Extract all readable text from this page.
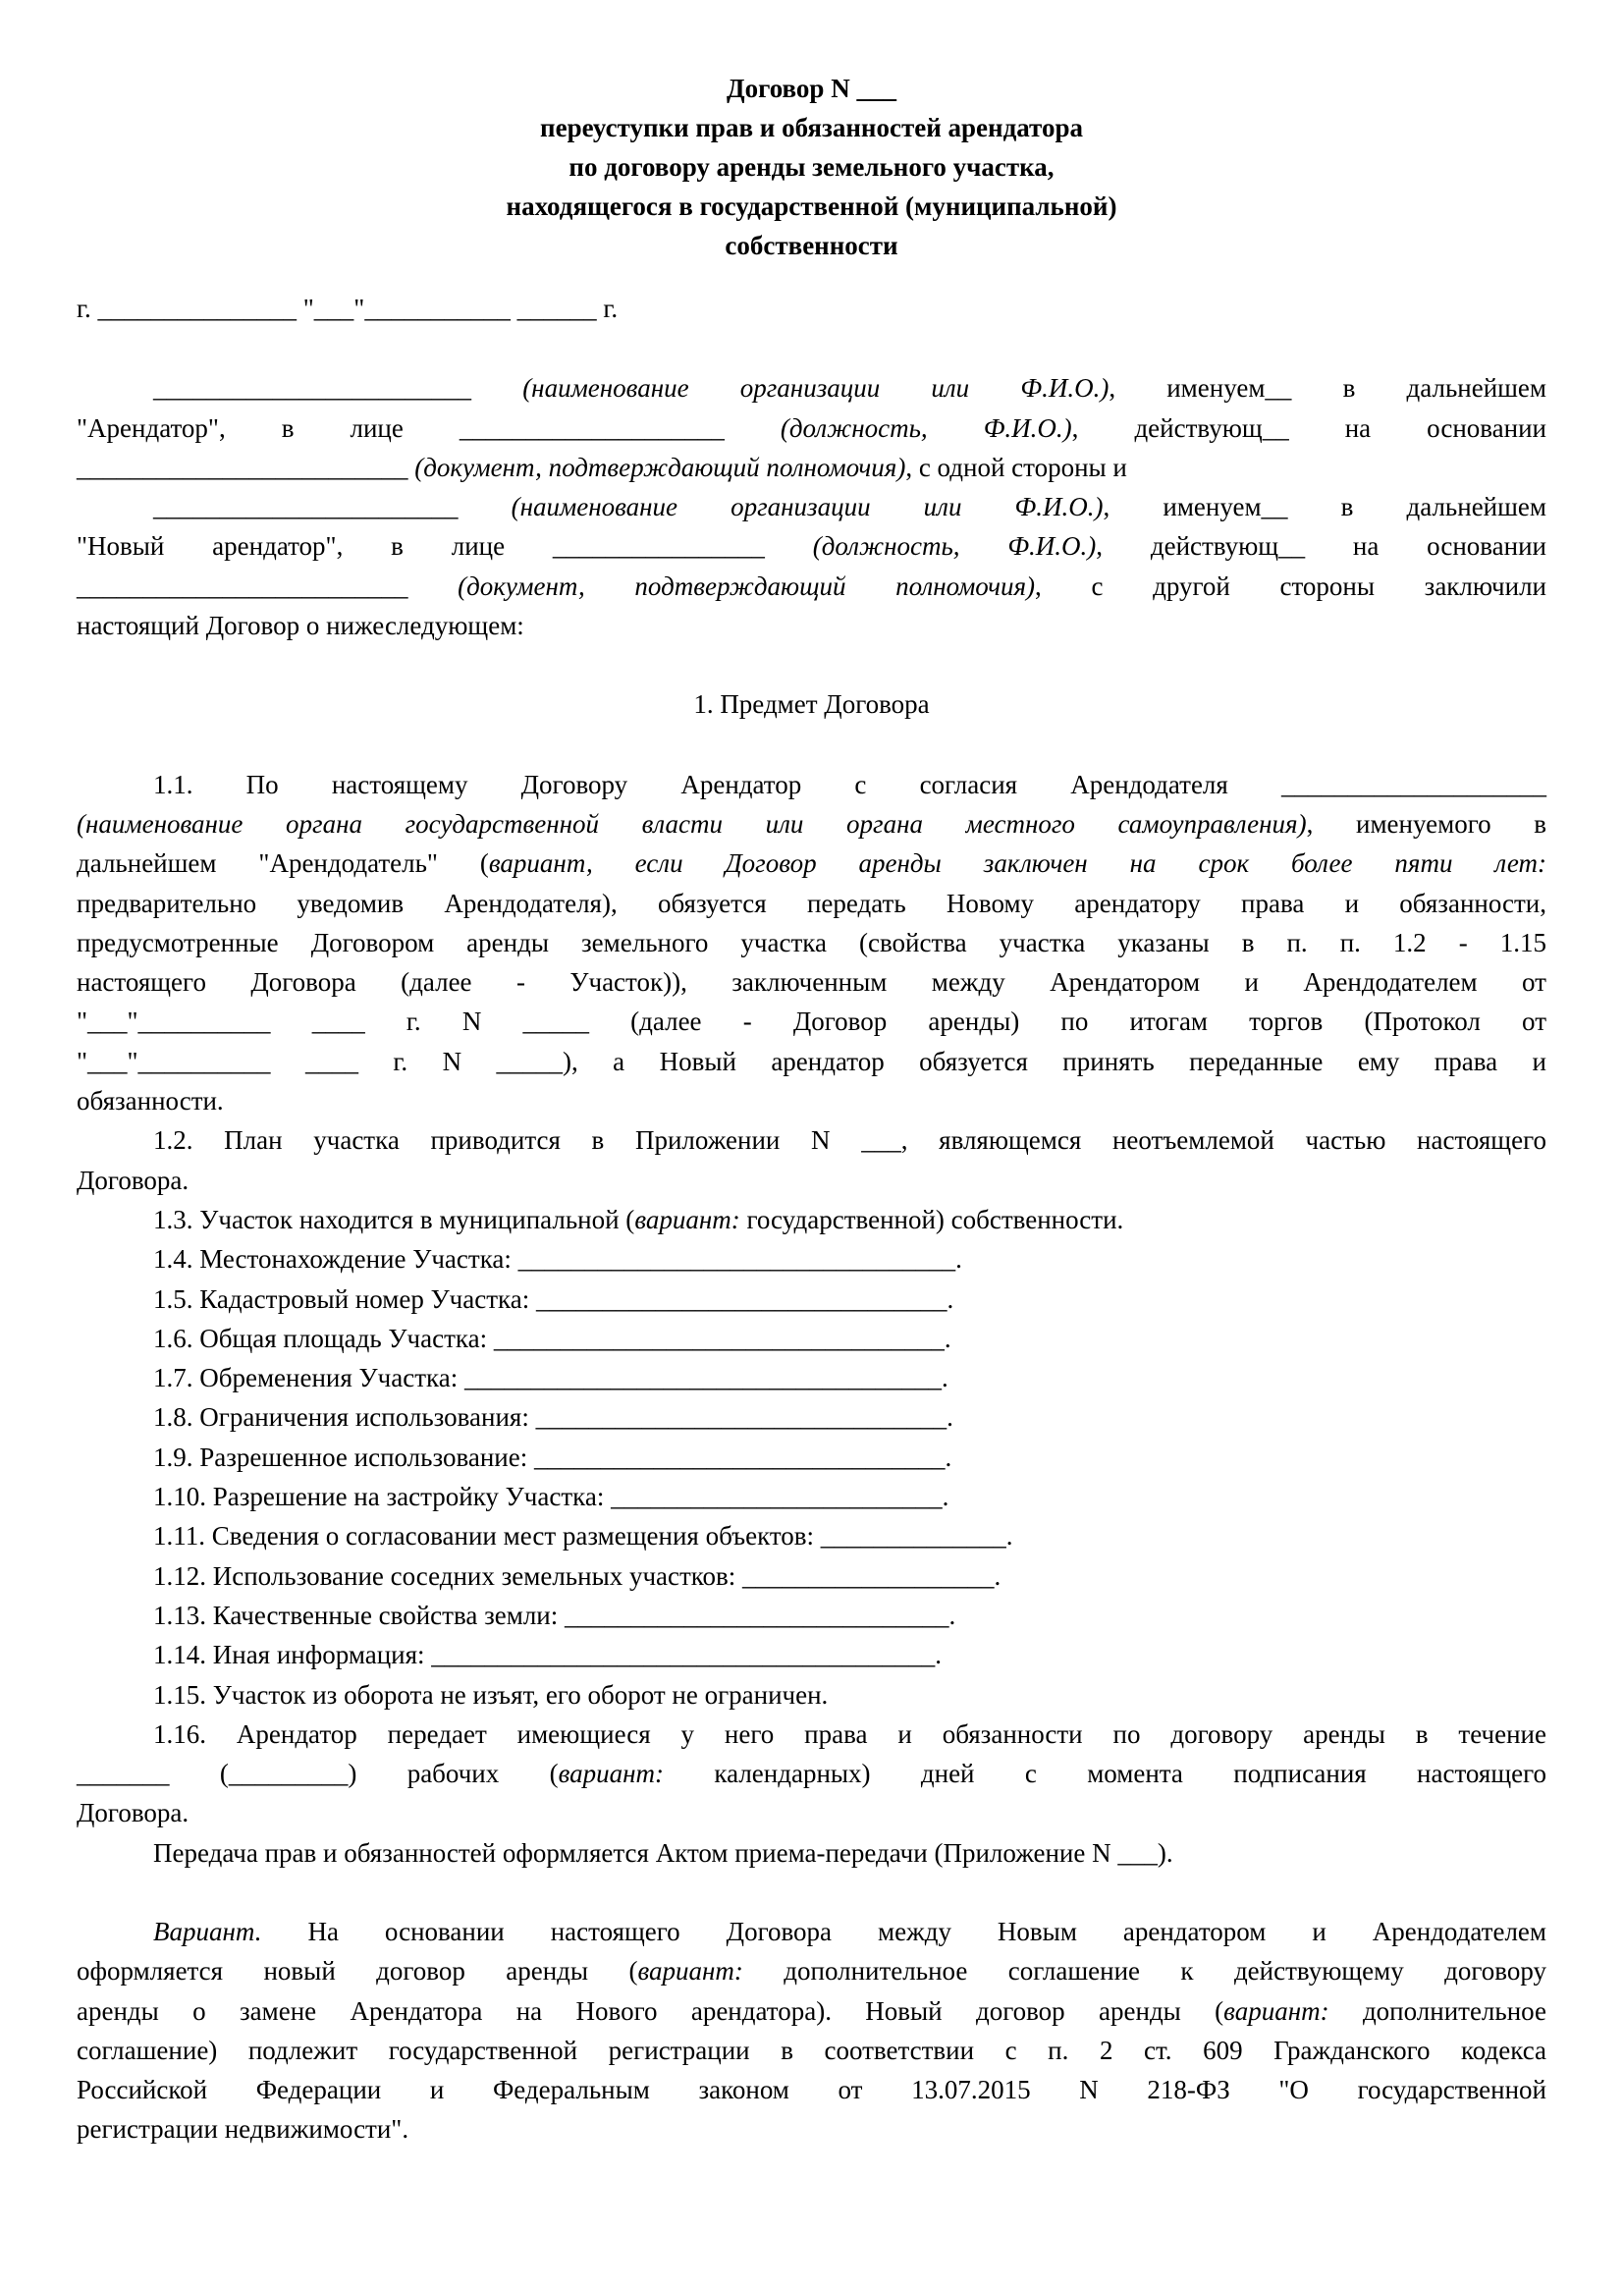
Договор N ___
переуступки прав и обязанностей арендатора
по договору аренды земельного участка,
находящегося в государственной (муниципальной)
собственности
г. _______________ "___"___________ ______ г.
________________________ (наименование организации или Ф.И.О.), именуем__ в дальнейшем
"Арендатор", в лице ____________________ (должность, Ф.И.О.), действующ__ на основании
_________________________ (документ, подтверждающий полномочия), с одной стороны и
_______________________ (наименование организации или Ф.И.О.), именуем__ в дальнейшем
"Новый арендатор", в лице ________________ (должность, Ф.И.О.), действующ__ на основании
_________________________ (документ, подтверждающий полномочия), с другой стороны заключили
настоящий Договор о нижеследующем:
1. Предмет Договора
1.1. По настоящему Договору Арендатор с согласия Арендодателя ____________________
(наименование органа государственной власти или органа местного самоуправления), именуемого в
дальнейшем "Арендодатель" (вариант, если Договор аренды заключен на срок более пяти лет:
предварительно уведомив Арендодателя), обязуется передать Новому арендатору права и обязанности,
предусмотренные Договором аренды земельного участка (свойства участка указаны в п. п. 1.2 - 1.15
настоящего Договора (далее - Участок)), заключенным между Арендатором и Арендодателем от
"___"__________ ____ г. N _____ (далее - Договор аренды) по итогам торгов (Протокол от
"___"__________ ____ г. N _____), а Новый арендатор обязуется принять переданные ему права и
обязанности.
1.2. План участка приводится в Приложении N ___, являющемся неотъемлемой частью настоящего
Договора.
1.3. Участок находится в муниципальной (вариант: государственной) собственности.
1.4. Местонахождение Участка: _________________________________.
1.5. Кадастровый номер Участка: _______________________________.
1.6. Общая площадь Участка: __________________________________.
1.7. Обременения Участка: ____________________________________.
1.8. Ограничения использования: _______________________________.
1.9. Разрешенное использование: _______________________________.
1.10. Разрешение на застройку Участка: _________________________.
1.11. Сведения о согласовании мест размещения объектов: ______________.
1.12. Использование соседних земельных участков: ___________________.
1.13. Качественные свойства земли: _____________________________.
1.14. Иная информация: ______________________________________.
1.15. Участок из оборота не изъят, его оборот не ограничен.
1.16. Арендатор передает имеющиеся у него права и обязанности по договору аренды в течение
_______ (_________) рабочих (вариант: календарных) дней с момента подписания настоящего
Договора.
Передача прав и обязанностей оформляется Актом приема-передачи (Приложение N ___).
Вариант. На основании настоящего Договора между Новым арендатором и Арендодателем
оформляется новый договор аренды (вариант: дополнительное соглашение к действующему договору
аренды о замене Арендатора на Нового арендатора). Новый договор аренды (вариант: дополнительное
соглашение) подлежит государственной регистрации в соответствии с п. 2 ст. 609 Гражданского кодекса
Российской Федерации и Федеральным законом от 13.07.2015 N 218-ФЗ "О государственной
регистрации недвижимости".
